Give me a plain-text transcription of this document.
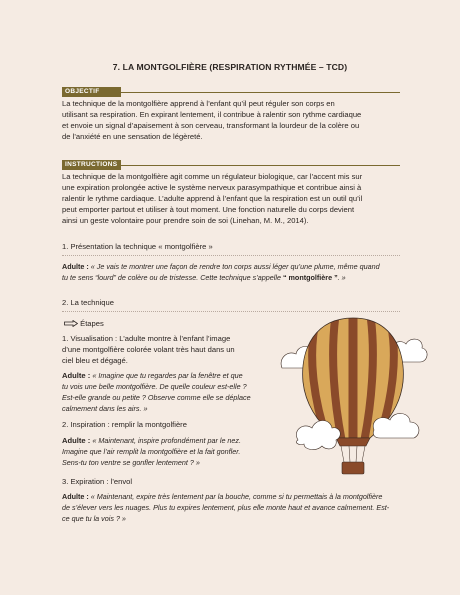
7. LA MONTGOLFIÈRE (RESPIRATION RYTHMÉE – TCD)
OBJECTIF
La technique de la montgolfière apprend à l’enfant qu’il peut réguler son corps en
utilisant sa respiration. En expirant lentement, il contribue à ralentir son rythme cardiaque
et envoie un signal d’apaisement à son cerveau, transformant la lourdeur de la colère ou
de l’anxiété en une sensation de légèreté.
INSTRUCTIONS
La technique de la montgolfière agit comme un régulateur biologique, car l’accent mis sur
une expiration prolongée active le système nerveux parasympathique et contribue ainsi à
ralentir le rythme cardiaque. L’adulte apprend à l’enfant que la respiration est un outil qu’il
peut emporter partout et utiliser à tout moment. Une fonction naturelle du corps devient
ainsi un geste volontaire pour prendre soin de soi (Linehan, M. M., 2014).
1. Présentation la technique « montgolfière »
Adulte : « Je vais te montrer une façon de rendre ton corps aussi léger qu’une plume, même quand
tu te sens “lourd” de colère ou de tristesse. Cette technique s’appelle “ montgolfière ”. »
2. La technique
Étapes
1. Visualisation : L’adulte montre à l’enfant l’image
d’une montgolfière colorée volant très haut dans un
ciel bleu et dégagé.
Adulte : « Imagine que tu regardes par la fenêtre et que
tu vois une belle montgolfière. De quelle couleur est-elle ?
Est-elle grande ou petite ? Observe comme elle se déplace
calmement dans les airs. »
2. Inspiration : remplir la montgolfière
Adulte : « Maintenant, inspire profondément par le nez.
Imagine que l’air remplit la montgolfière et la fait gonfler.
Sens-tu ton ventre se gonfler lentement ? »
3. Expiration : l’envol
Adulte : « Maintenant, expire très lentement par la bouche, comme si tu permettais à la montgolfière
de s’élever vers les nuages. Plus tu expires lentement, plus elle monte haut et avance calmement. Est-
ce que tu la vois ? »
